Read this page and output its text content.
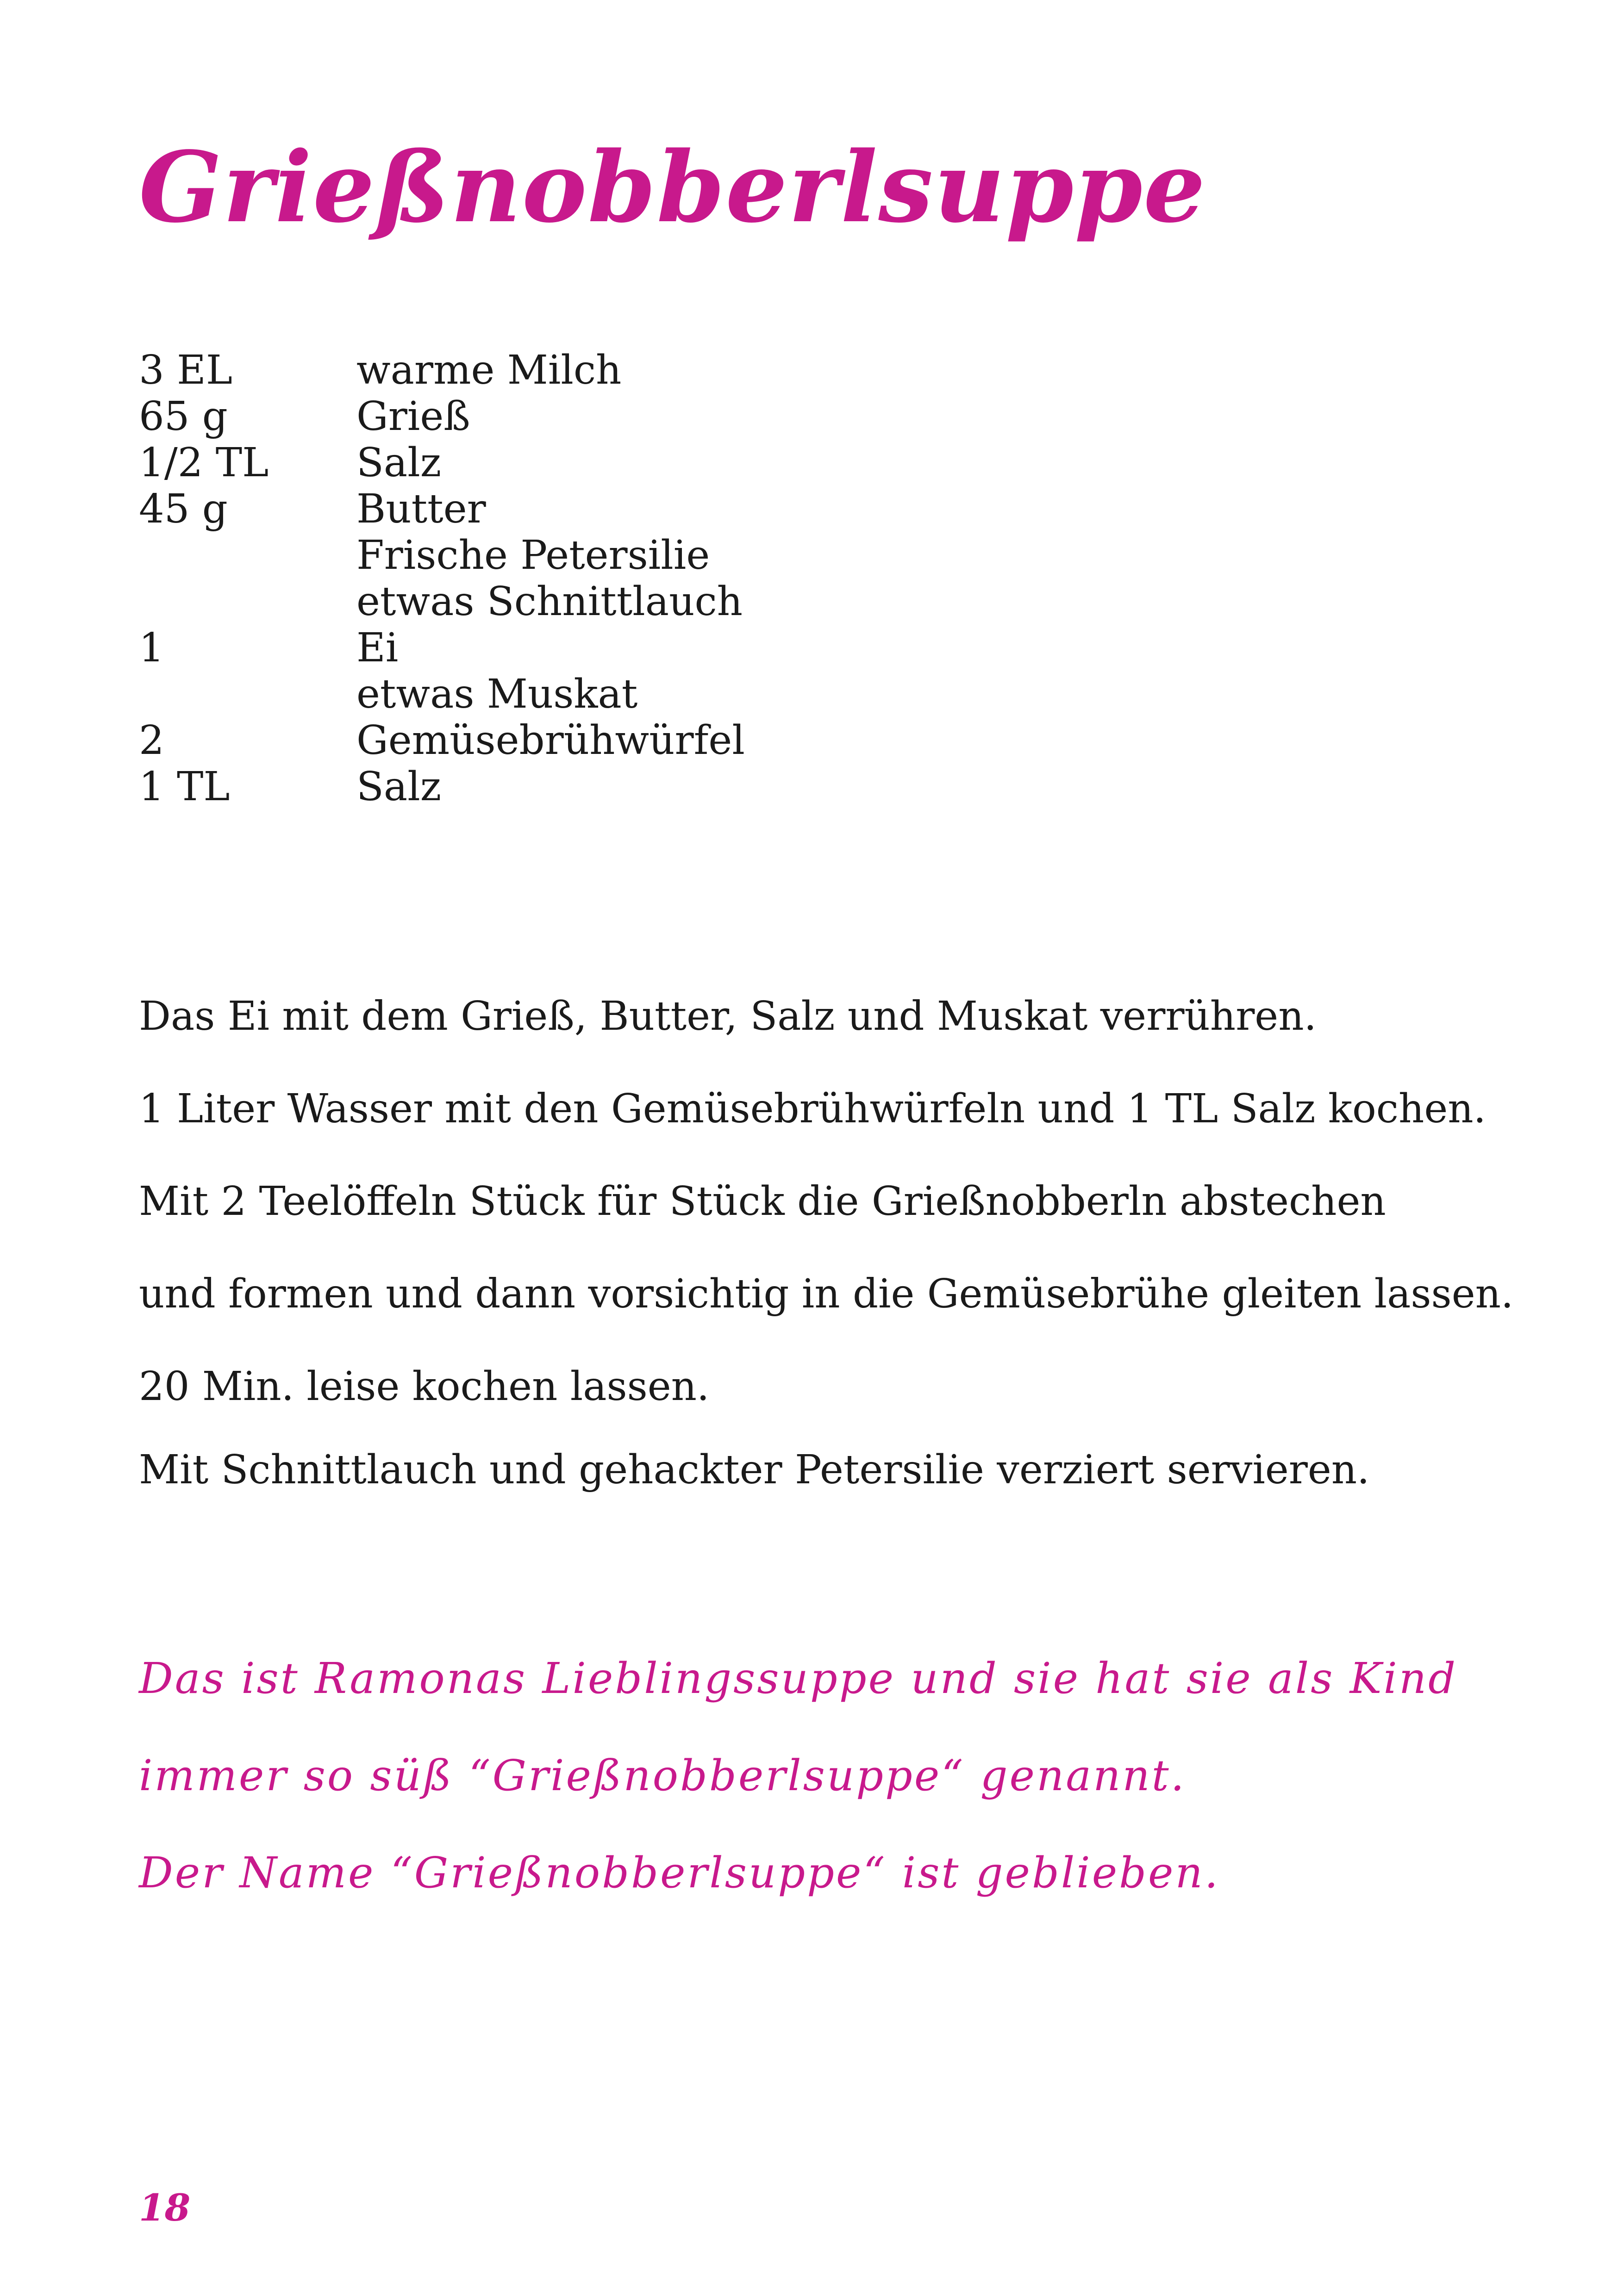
Grießnobberlsuppe
3 EL	warme Milch
65 g	Grieß
1/2 TL	Salz
45 g	Butter
Frische Petersilie
etwas Schnittlauch
1	Ei
etwas Muskat
2	Gemüsebrühwürfel
1 TL	Salz

Das Ei mit dem Grieß, Butter, Salz und Muskat verrühren.

1 Liter Wasser mit den Gemüsebrühwürfeln und 1 TL Salz kochen.

Mit 2 Teelöffeln Stück für Stück die Grießnobberln abstechen

und formen und dann vorsichtig in die Gemüsebrühe gleiten lassen.

20 Min. leise kochen lassen.

Mit Schnittlauch und gehackter Petersilie verziert servieren.

Das ist Ramonas Lieblingssuppe und sie hat sie als Kind

immer so süß “Grießnobberlsuppe“ genannt.

Der Name “Grießnobberlsuppe“ ist geblieben.

18
